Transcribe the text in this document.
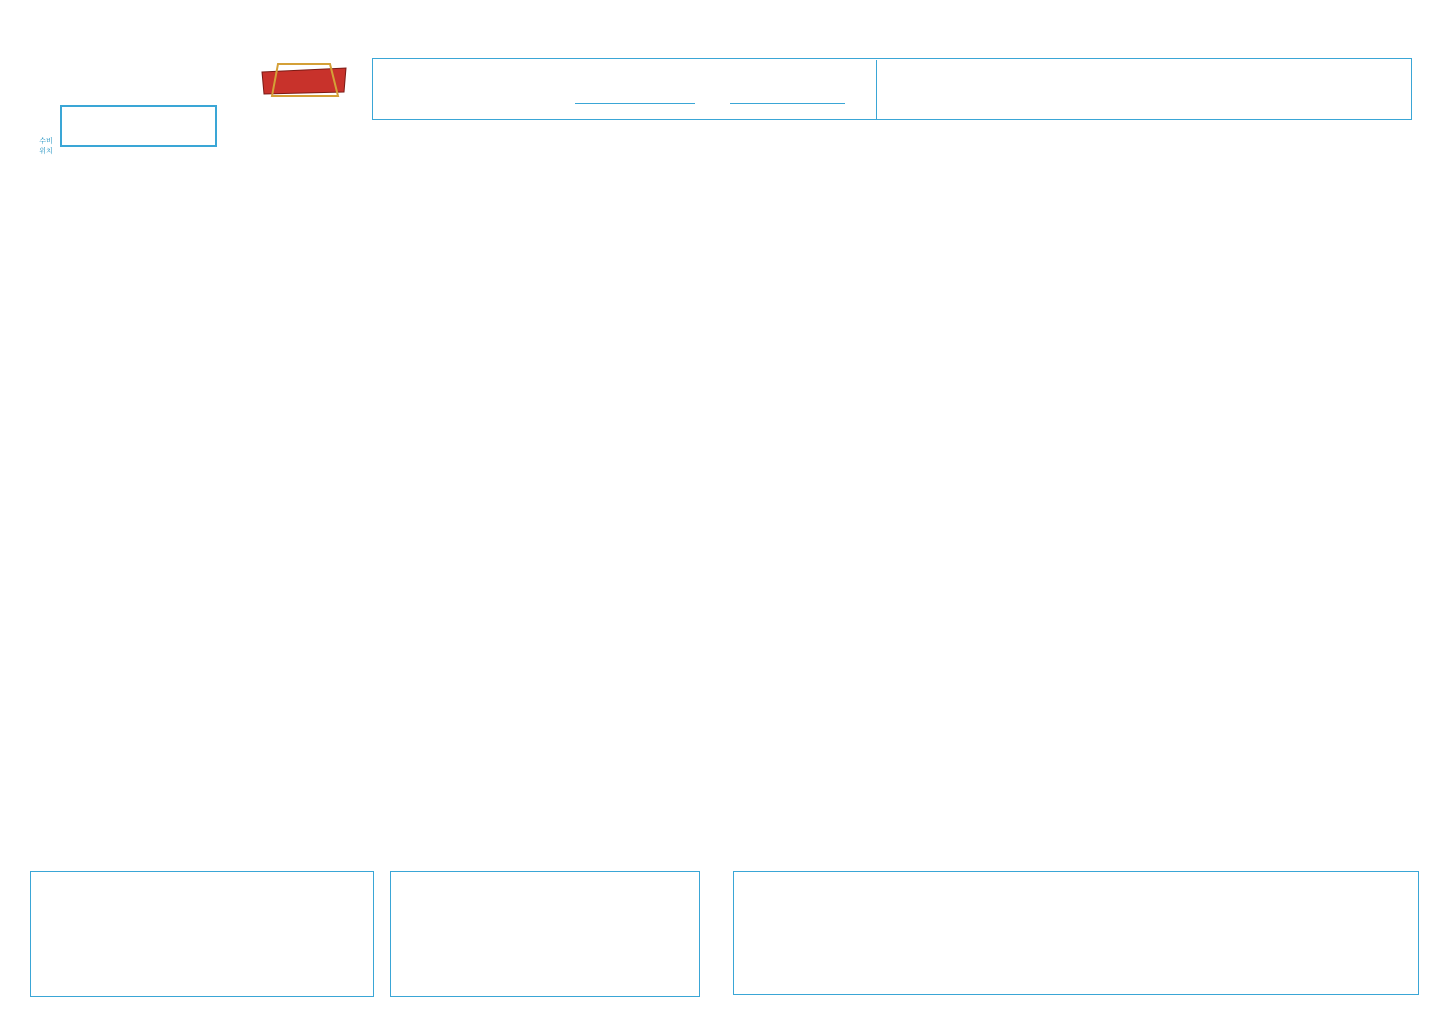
수비
위치
